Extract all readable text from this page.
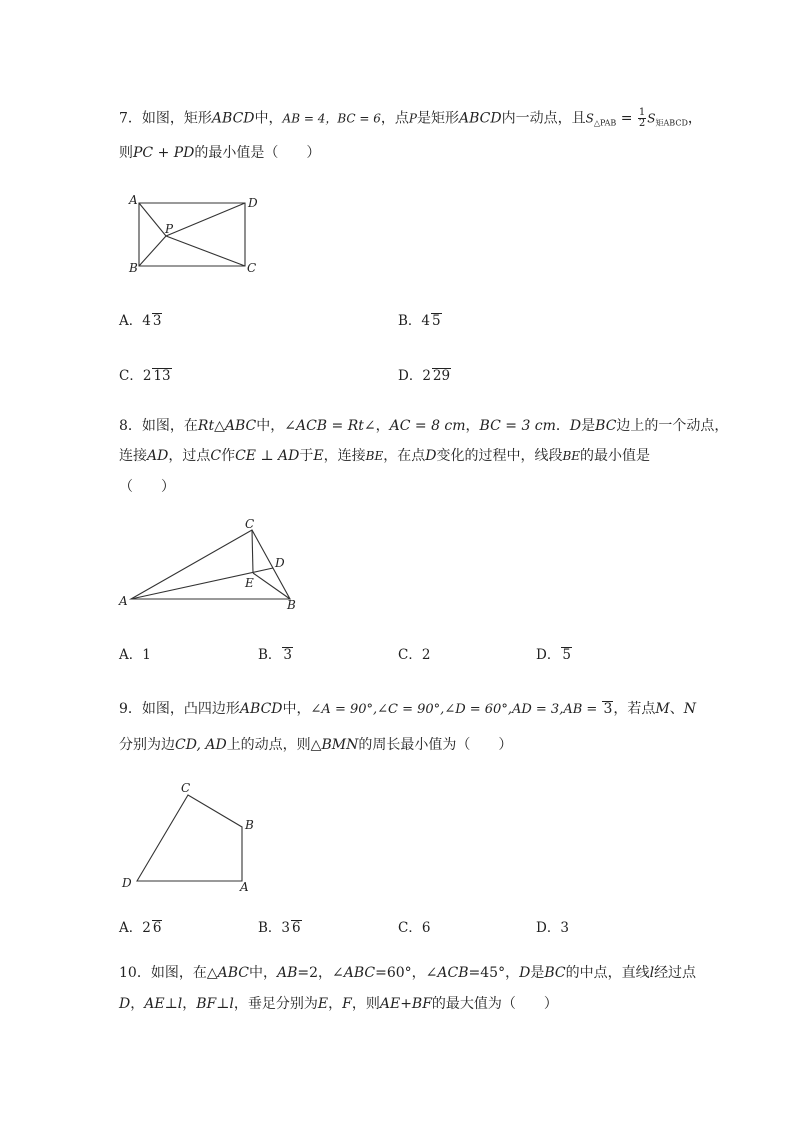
7．如图，矩形ABCD中，AB = 4，BC = 6，点P是矩形ABCD内一动点，且$S_{\triangle PAB} = \frac{1}{2} S_{矩ABCD}$，
则PC + PD的最小值是（　　）
A	D
P
B	C
A．4 3	B．4 5
C．2 13	D．2 29
8．如图，在Rt△ABC中，∠ACB = Rt∠，AC = 8 cm，BC = 3 cm．D是BC边上的一个动点，
连接AD，过点C作CE ⊥ AD于E，连接BE，在点D变化的过程中，线段BE的最小值是
（　　）
C
D
E
A	B
A．1	B． 3	C．2	D． 5
9．如图，凸四边形ABCD中，∠A = 90°,∠C = 90°,∠D = 60°,AD = 3,AB = 3，若点M、N
分别为边CD, AD上的动点，则△BMN的周长最小值为（　　）
C
B
D	A
A．2 6	B．3 6	C．6	D．3
10．如图，在△ABC中，AB=2，∠ABC=60°，∠ACB=45°，D是BC的中点，直线l经过点
D，AE⊥l，BF⊥l，垂足分别为E，F，则AE+BF的最大值为（　　）
